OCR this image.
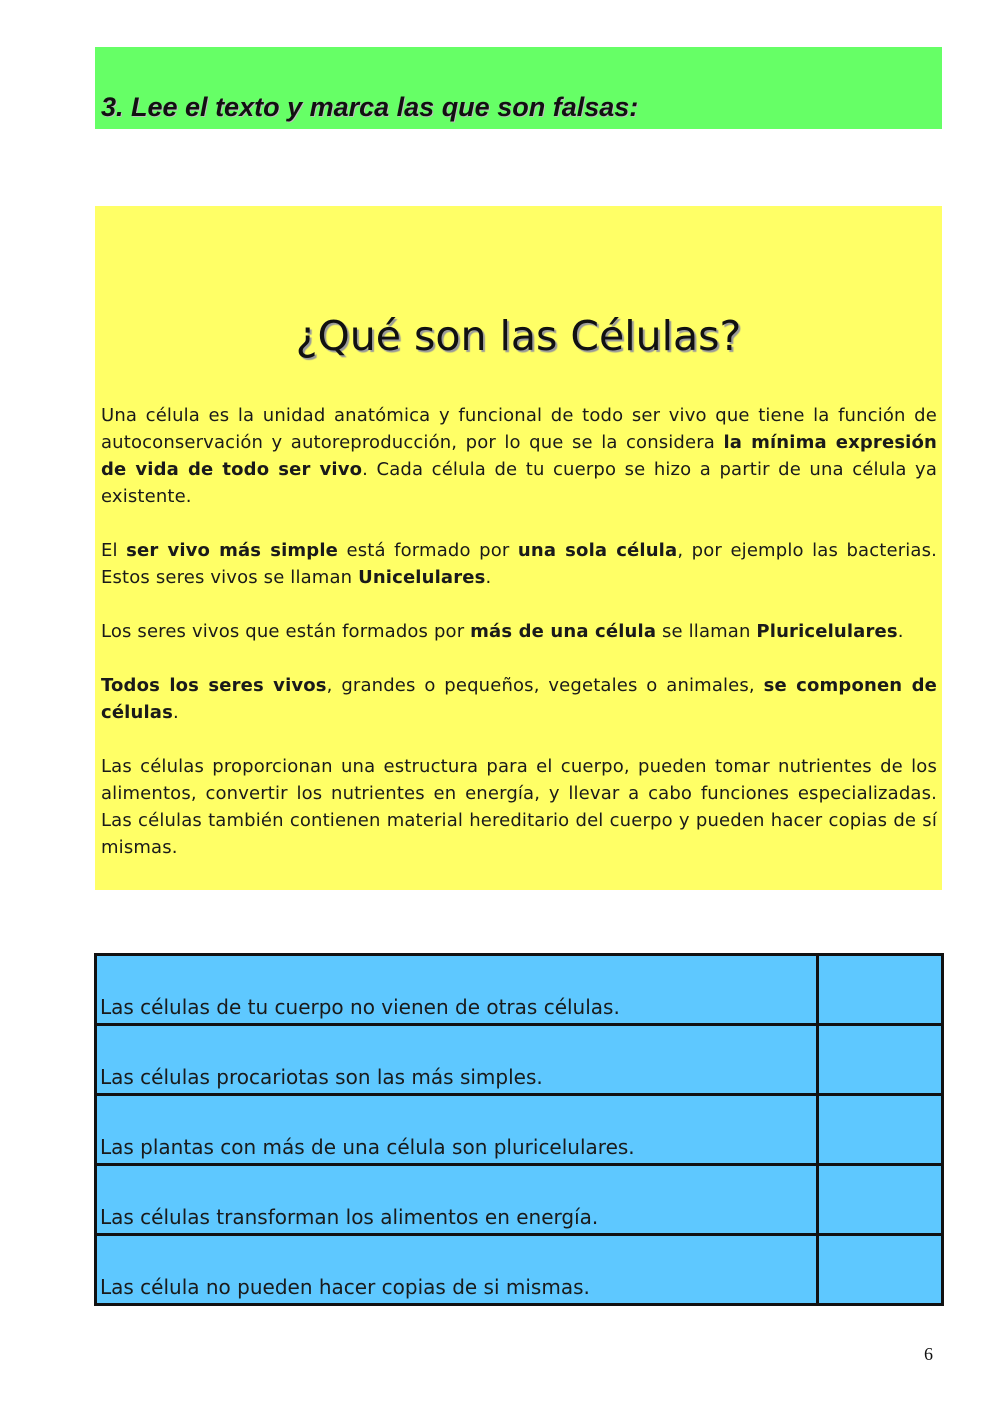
3. Lee el texto y marca las que son falsas:
¿Qué son las Células?

Una célula es la unidad anatómica y funcional de todo ser vivo que tiene la función de autoconservación y autoreproducción, por lo que se la considera la mínima expresión de vida de todo ser vivo. Cada célula de tu cuerpo se hizo a partir de una célula ya existente.

El ser vivo más simple está formado por una sola célula, por ejemplo las bacterias. Estos seres vivos se llaman Unicelulares.

Los seres vivos que están formados por más de una célula se llaman Pluricelulares.

Todos los seres vivos, grandes o pequeños, vegetales o animales, se componen de células.

Las células proporcionan una estructura para el cuerpo, pueden tomar nutrientes de los alimentos, convertir los nutrientes en energía, y llevar a cabo funciones especializadas. Las células también contienen material hereditario del cuerpo y pueden hacer copias de sí mismas.

Las células de tu cuerpo no vienen de otras células.	
Las células procariotas son las más simples.	
Las plantas con más de una célula son pluricelulares.	
Las células transforman los alimentos en energía.	
Las célula no pueden hacer copias de si mismas.	
6
